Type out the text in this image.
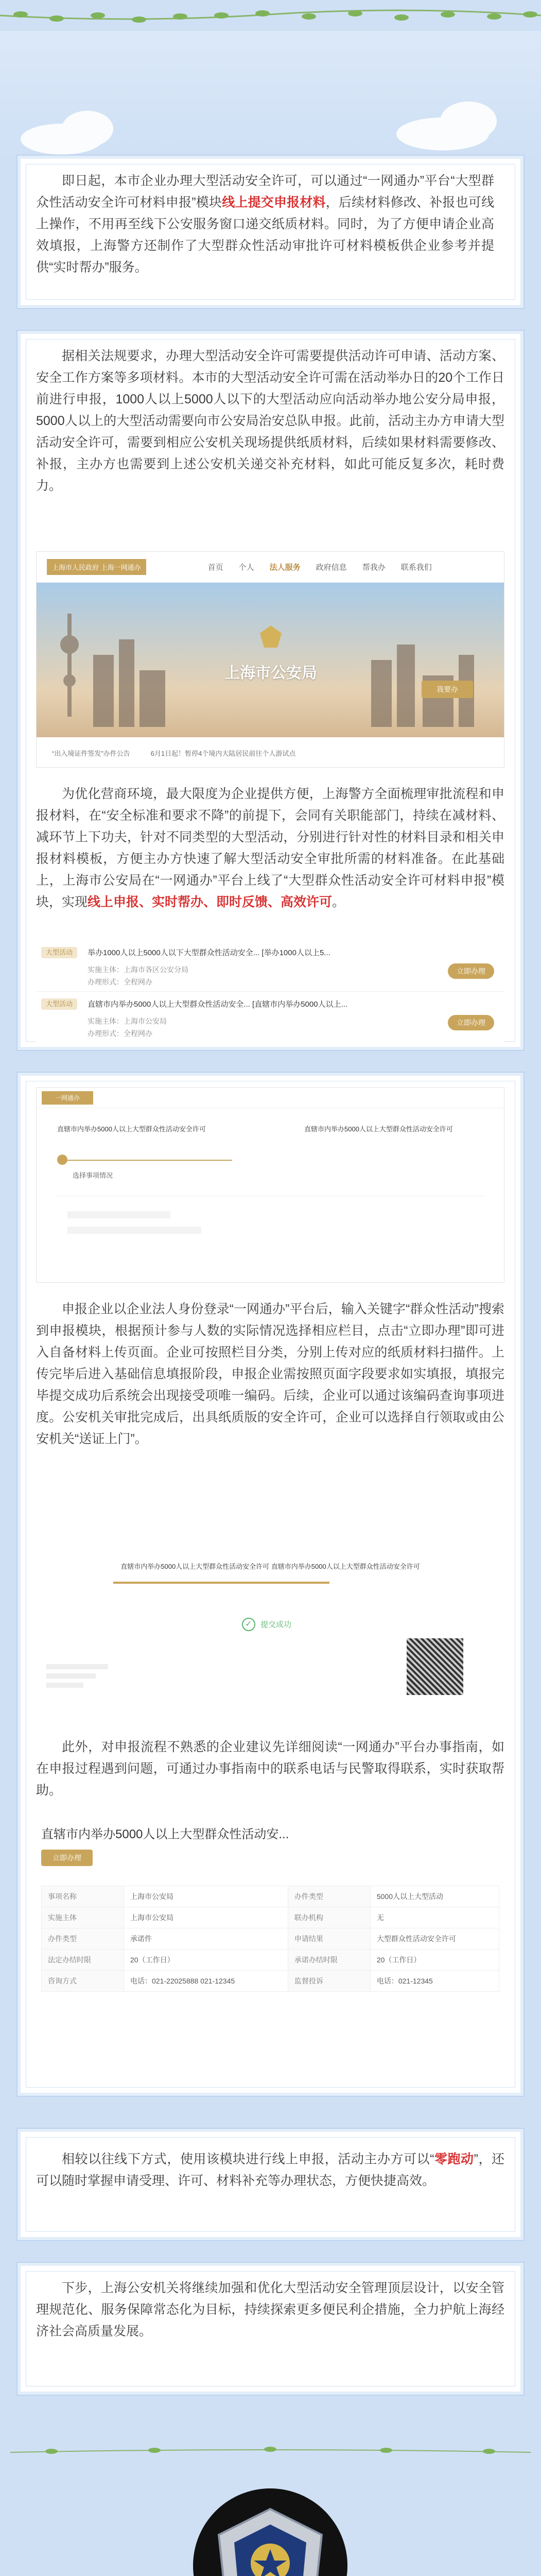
即日起，本市企业办理大型活动安全许可，可以通过“一网通办”平台“大型群众性活动安全许可材料申报”模块线上提交申报材料，后续材料修改、补报也可线上操作，不用再至线下公安服务窗口递交纸质材料。同时，为了方便申请企业高效填报，上海警方还制作了大型群众性活动审批许可材料模板供企业参考并提供“实时帮办”服务。

据相关法规要求，办理大型活动安全许可需要提供活动许可申请、活动方案、安全工作方案等多项材料。本市的大型活动安全许可需在活动举办日的20个工作日前进行申报，1000人以上5000人以下的大型活动应向活动举办地公安分局申报，5000人以上的大型活动需要向市公安局治安总队申报。此前，活动主办方申请大型活动安全许可，需要到相应公安机关现场提供纸质材料，后续如果材料需要修改、补报，主办方也需要到上述公安机关递交补充材料，如此可能反复多次，耗时费力。

上海市人民政府 上海一网通办	首页 个人 法人服务 政府信息 帮我办 联系我们
上海市公安局
我要办
“出入境证件签发”办件公告	6月1日起！暂停4个境内大陆居民前往个人游试点

为优化营商环境，最大限度为企业提供方便，上海警方全面梳理审批流程和申报材料，在“安全标准和要求不降”的前提下，会同有关职能部门，持续在减材料、减环节上下功夫，针对不同类型的大型活动，分别进行针对性的材料目录和相关申报材料模板，方便主办方快速了解大型活动安全审批所需的材料准备。在此基础上，上海市公安局在“一网通办”平台上线了“大型群众性活动安全许可材料申报”模块，实现线上申报、实时帮办、即时反馈、高效许可。

大型活动	举办1000人以上5000人以下大型群众性活动安全... [举办1000人以上5...
实施主体：上海市各区公安分局
办理形式：全程网办
立即办理
大型活动	直辖市内举办5000人以上大型群众性活动安全... [直辖市内举办5000人以上...
实施主体：上海市公安局
办理形式：全程网办
立即办理
一网通办
直辖市内举办5000人以上大型群众性活动安全许可	直辖市内举办5000人以上大型群众性活动安全许可
选择事项情况

申报企业以企业法人身份登录“一网通办”平台后，输入关键字“群众性活动”搜索到申报模块，根据预计参与人数的实际情况选择相应栏目，点击“立即办理”即可进入自备材料上传页面。企业可按照栏目分类，分别上传对应的纸质材料扫描件。上传完毕后进入基础信息填报阶段，申报企业需按照页面字段要求如实填报，填报完毕提交成功后系统会出现接受项唯一编码。后续，企业可以通过该编码查询事项进度。公安机关审批完成后，出具纸质版的安全许可，企业可以选择自行领取或由公安机关“送证上门”。

直辖市内举办5000人以上大型群众性活动安全许可 直辖市内举办5000人以上大型群众性活动安全许可
✓	提交成功

此外，对申报流程不熟悉的企业建议先详细阅读“一网通办”平台办事指南，如在申报过程遇到问题，可通过办事指南中的联系电话与民警取得联系，实时获取帮助。

直辖市内举办5000人以上大型群众性活动安...
立即办理
事项名称	上海市公安局	办件类型	5000人以上大型活动
实施主体	上海市公安局	联办机构	无
办件类型	承诺件	申请结果	大型群众性活动安全许可
法定办结时限	20（工作日）	承诺办结时限	20（工作日）
咨询方式	电话：021-22025888 021-12345	监督投诉	电话：021-12345

相较以往线下方式，使用该模块进行线上申报，活动主办方可以“零跑动”，还可以随时掌握申请受理、许可、材料补充等办理状态，方便快捷高效。

下步，上海公安机关将继续加强和优化大型活动安全管理顶层设计，以安全管理规范化、服务保障常态化为目标，持续探索更多便民利企措施，全力护航上海经济社会高质量发展。
